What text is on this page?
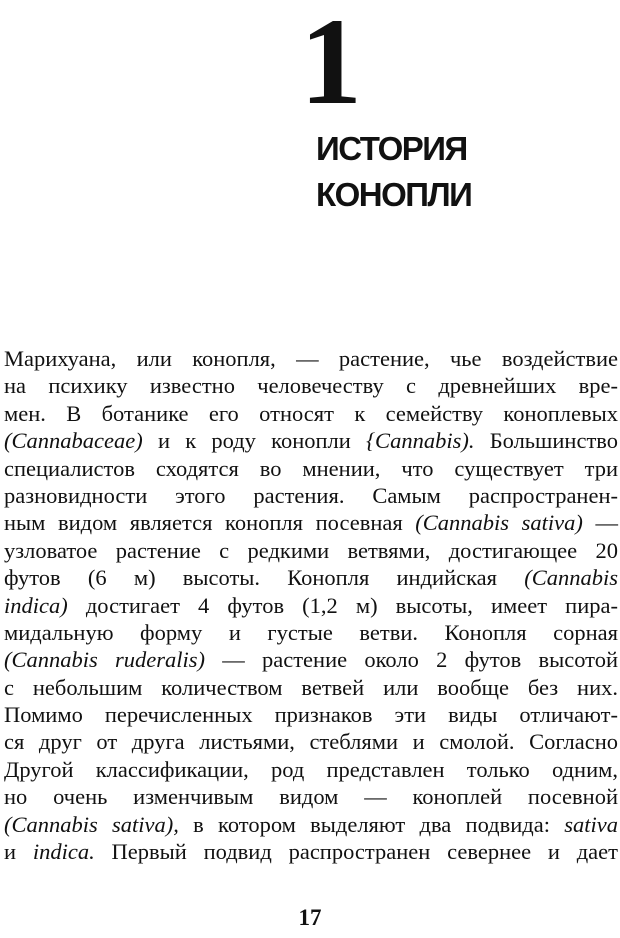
1
ИСТОРИЯ
КОНОПЛИ
Марихуана, или конопля, — растение, чье воздействие
на психику известно человечеству с древнейших вре-
мен. В ботанике его относят к семейству коноплевых
(Cannabaceae) и к роду конопли {Cannabis). Большинство
специалистов сходятся во мнении, что существует три
разновидности этого растения. Самым распространен-
ным видом является конопля посевная (Cannabis sativa) —
узловатое растение с редкими ветвями, достигающее 20
футов (6 м) высоты. Конопля индийская (Cannabis
indica) достигает 4 футов (1,2 м) высоты, имеет пира-
мидальную форму и густые ветви. Конопля сорная
(Cannabis ruderalis) — растение около 2 футов высотой
с небольшим количеством ветвей или вообще без них.
Помимо перечисленных признаков эти виды отличают-
ся друг от друга листьями, стеблями и смолой. Согласно
Другой классификации, род представлен только одним,
но очень изменчивым видом — коноплей посевной
(Cannabis sativa), в котором выделяют два подвида: sativa
и indica. Первый подвид распространен севернее и дает
17
